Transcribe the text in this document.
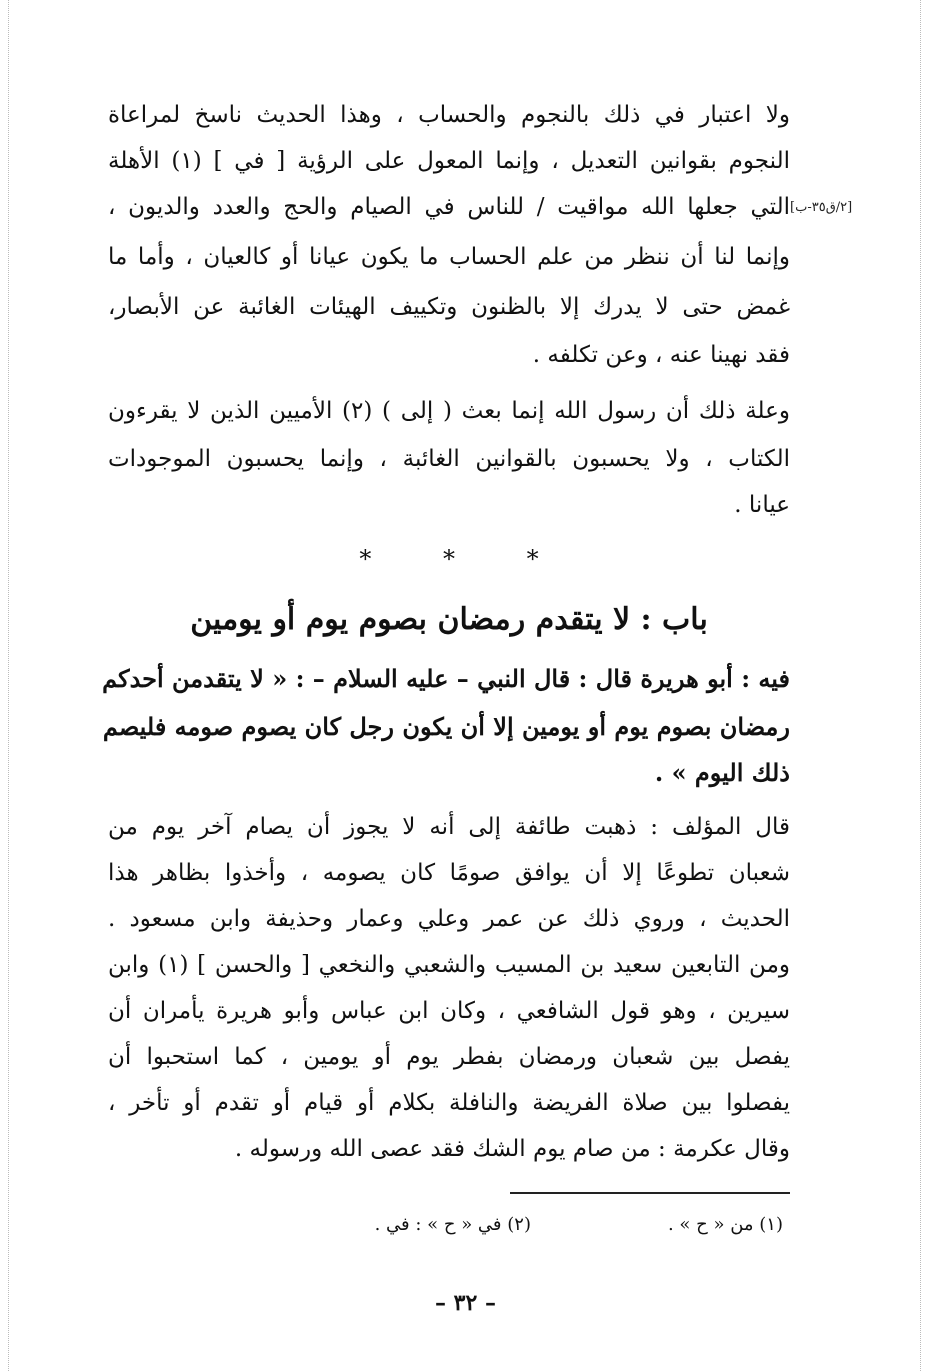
[٢/ق٣٥-ب]
ولا اعتبار في ذلك بالنجوم والحساب ، وهذا الحديث ناسخ لمراعاة
النجوم بقوانين التعديل ، وإنما المعول على الرؤية [ في ] (١) الأهلة
التي جعلها الله مواقيت / للناس في الصيام والحج والعدد والديون ،
وإنما لنا أن ننظر من علم الحساب ما يكون عيانا أو كالعيان ، وأما ما
غمض حتى لا يدرك إلا بالظنون وتكييف الهيئات الغائبة عن الأبصار،
فقد نهينا عنه ، وعن تكلفه .
وعلة ذلك أن رسول الله إنما بعث ( إلى ) (٢) الأميين الذين لا يقرءون
الكتاب ، ولا يحسبون بالقوانين الغائبة ، وإنما يحسبون الموجودات
عيانا .
* * *
باب : لا يتقدم رمضان بصوم يوم أو يومين
فيه : أبو هريرة قال : قال النبي – عليه السلام – : « لا يتقدمن أحدكم
رمضان بصوم يوم أو يومين إلا أن يكون رجل كان يصوم صومه فليصم
ذلك اليوم » .
قال المؤلف : ذهبت طائفة إلى أنه لا يجوز أن يصام آخر يوم من
شعبان تطوعًا إلا أن يوافق صومًا كان يصومه ، وأخذوا بظاهر هذا
الحديث ، وروي ذلك عن عمر وعلي وعمار وحذيفة وابن مسعود .
ومن التابعين سعيد بن المسيب والشعبي والنخعي [ والحسن ] (١) وابن
سيرين ، وهو قول الشافعي ، وكان ابن عباس وأبو هريرة يأمران أن
يفصل بين شعبان ورمضان بفطر يوم أو يومين ، كما استحبوا أن
يفصلوا بين صلاة الفريضة والنافلة بكلام أو قيام أو تقدم أو تأخر ،
وقال عكرمة : من صام يوم الشك فقد عصى الله ورسوله .
(١) من « ح » .
(٢) في « ح » : في .
– ٣٢ –
